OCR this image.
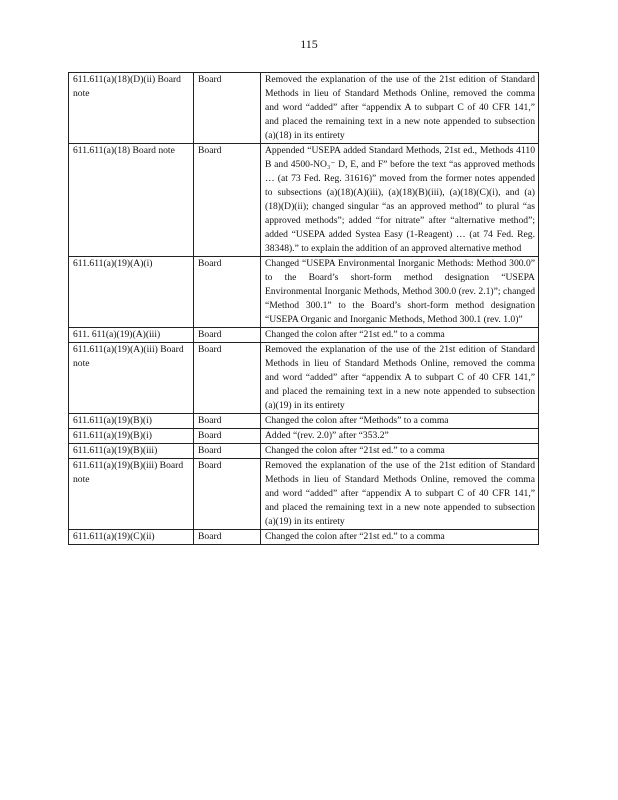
115
611.611(a)(18)(D)(ii) Board note	Board	Removed the explanation of the use of the 21st edition of Standard Methods in lieu of Standard Methods Online, removed the comma and word “added” after “appendix A to subpart C of 40 CFR 141,” and placed the remaining text in a new note appended to subsection (a)(18) in its entirety
611.611(a)(18) Board note	Board	Appended “USEPA added Standard Methods, 21st ed., Methods 4110 B and 4500-NO₃⁻ D, E, and F” before the text “as approved methods … (at 73 Fed. Reg. 31616)” moved from the former notes appended to subsections (a)(18)(A)(iii), (a)(18)(B)(iii), (a)(18)(C)(i), and (a)(18)(D)(ii); changed singular “as an approved method” to plural “as approved methods”; added “for nitrate” after “alternative method”; added “USEPA added Systea Easy (1-Reagent) … (at 74 Fed. Reg. 38348).” to explain the addition of an approved alternative method
611.611(a)(19)(A)(i)	Board	Changed “USEPA Environmental Inorganic Methods: Method 300.0” to the Board’s short-form method designation “USEPA Environmental Inorganic Methods, Method 300.0 (rev. 2.1)”; changed “Method 300.1” to the Board’s short-form method designation “USEPA Organic and Inorganic Methods, Method 300.1 (rev. 1.0)”
611. 611(a)(19)(A)(iii)	Board	Changed the colon after “21st ed.” to a comma
611.611(a)(19)(A)(iii) Board note	Board	Removed the explanation of the use of the 21st edition of Standard Methods in lieu of Standard Methods Online, removed the comma and word “added” after “appendix A to subpart C of 40 CFR 141,” and placed the remaining text in a new note appended to subsection (a)(19) in its entirety
611.611(a)(19)(B)(i)	Board	Changed the colon after “Methods” to a comma
611.611(a)(19)(B)(i)	Board	Added “(rev. 2.0)” after “353.2”
611.611(a)(19)(B)(iii)	Board	Changed the colon after “21st ed.” to a comma
611.611(a)(19)(B)(iii) Board note	Board	Removed the explanation of the use of the 21st edition of Standard Methods in lieu of Standard Methods Online, removed the comma and word “added” after “appendix A to subpart C of 40 CFR 141,” and placed the remaining text in a new note appended to subsection (a)(19) in its entirety
611.611(a)(19)(C)(ii)	Board	Changed the colon after “21st ed.” to a comma
